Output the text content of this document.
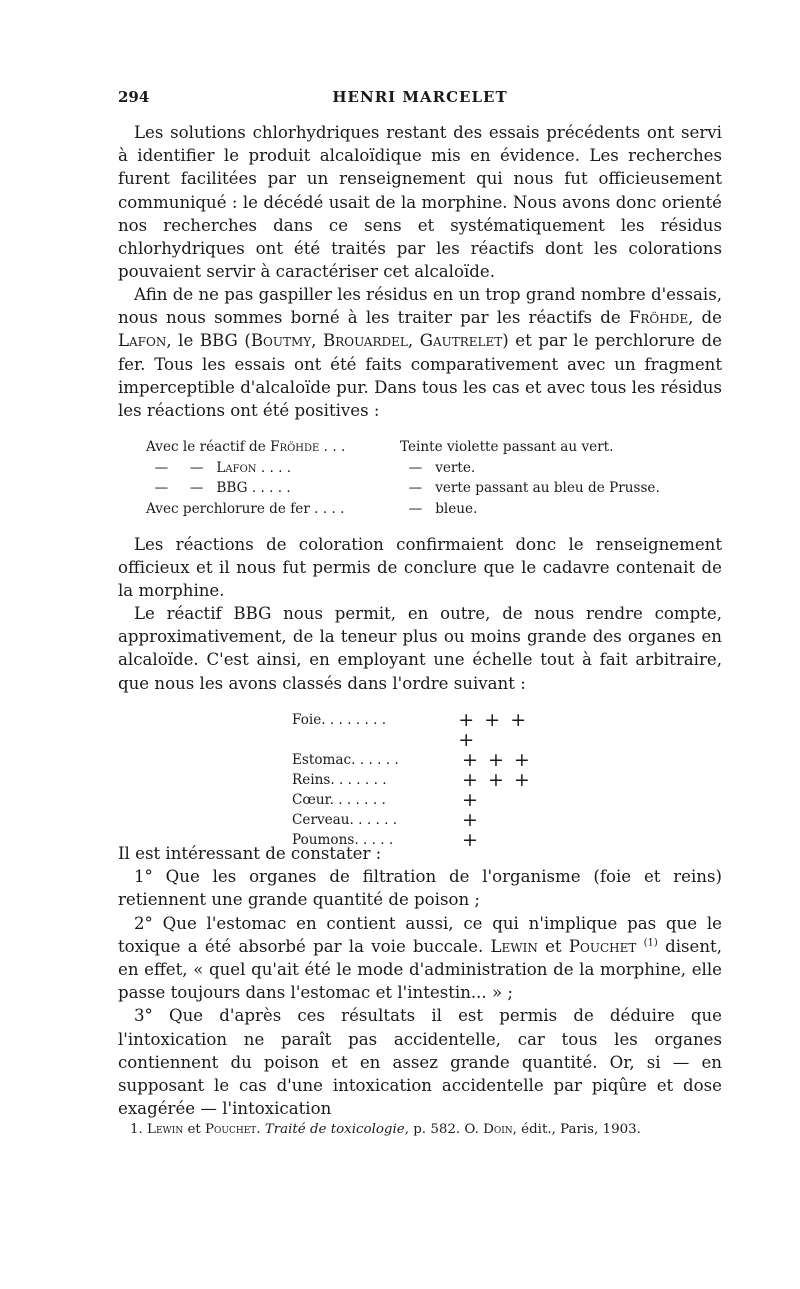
294	HENRI MARCELET

Les solutions chlorhydriques restant des essais précédents ont servi à identifier le produit alcaloïdique mis en évidence. Les recherches furent facilitées par un renseignement qui nous fut officieusement communiqué : le décédé usait de la morphine. Nous avons donc orienté nos recherches dans ce sens et systématiquement les résidus chlorhydriques ont été traités par les réactifs dont les colorations pouvaient servir à caractériser cet alcaloïde.

Afin de ne pas gaspiller les résidus en un trop grand nombre d'essais, nous nous sommes borné à les traiter par les réactifs de Fröhde, de Lafon, le BBG (Boutmy, Brouardel, Gautrelet) et par le perchlorure de fer. Tous les essais ont été faits comparativement avec un fragment imperceptible d'alcaloïde pur. Dans tous les cas et avec tous les résidus les réactions ont été positives :

Avec le réactif de Fröhde . . .	Teinte violette passant au vert.
—     —   Lafon . . . .	—   verte.
—     —   BBG . . . . .	—   verte passant au bleu de Prusse.
Avec perchlorure de fer . . . .	—   bleue.

Les réactions de coloration confirmaient donc le renseignement officieux et il nous fut permis de conclure que le cadavre contenait de la morphine.

Le réactif BBG nous permit, en outre, de nous rendre compte, approximativement, de la teneur plus ou moins grande des organes en alcaloïde. C'est ainsi, en employant une échelle tout à fait arbitraire, que nous les avons classés dans l'ordre suivant :

Foie. . . . . . . .	+ + + +
Estomac. . . . . .	+ + +
Reins. . . . . . .	+ + +
Cœur. . . . . . .	+
Cerveau. . . . . .	+
Poumons. . . . .	+

Il est intéressant de constater :

1° Que les organes de filtration de l'organisme (foie et reins) retiennent une grande quantité de poison ;

2° Que l'estomac en contient aussi, ce qui n'implique pas que le toxique a été absorbé par la voie buccale. Lewin et Pouchet $^{(1)}$ disent, en effet, « quel qu'ait été le mode d'administration de la morphine, elle passe toujours dans l'estomac et l'intestin... » ;

3° Que d'après ces résultats il est permis de déduire que l'intoxication ne paraît pas accidentelle, car tous les organes contiennent du poison et en assez grande quantité. Or, si — en supposant le cas d'une intoxication accidentelle par piqûre et dose exagérée — l'intoxication

1. Lewin et Pouchet. Traité de toxicologie, p. 582. O. Doin, édit., Paris, 1903.
